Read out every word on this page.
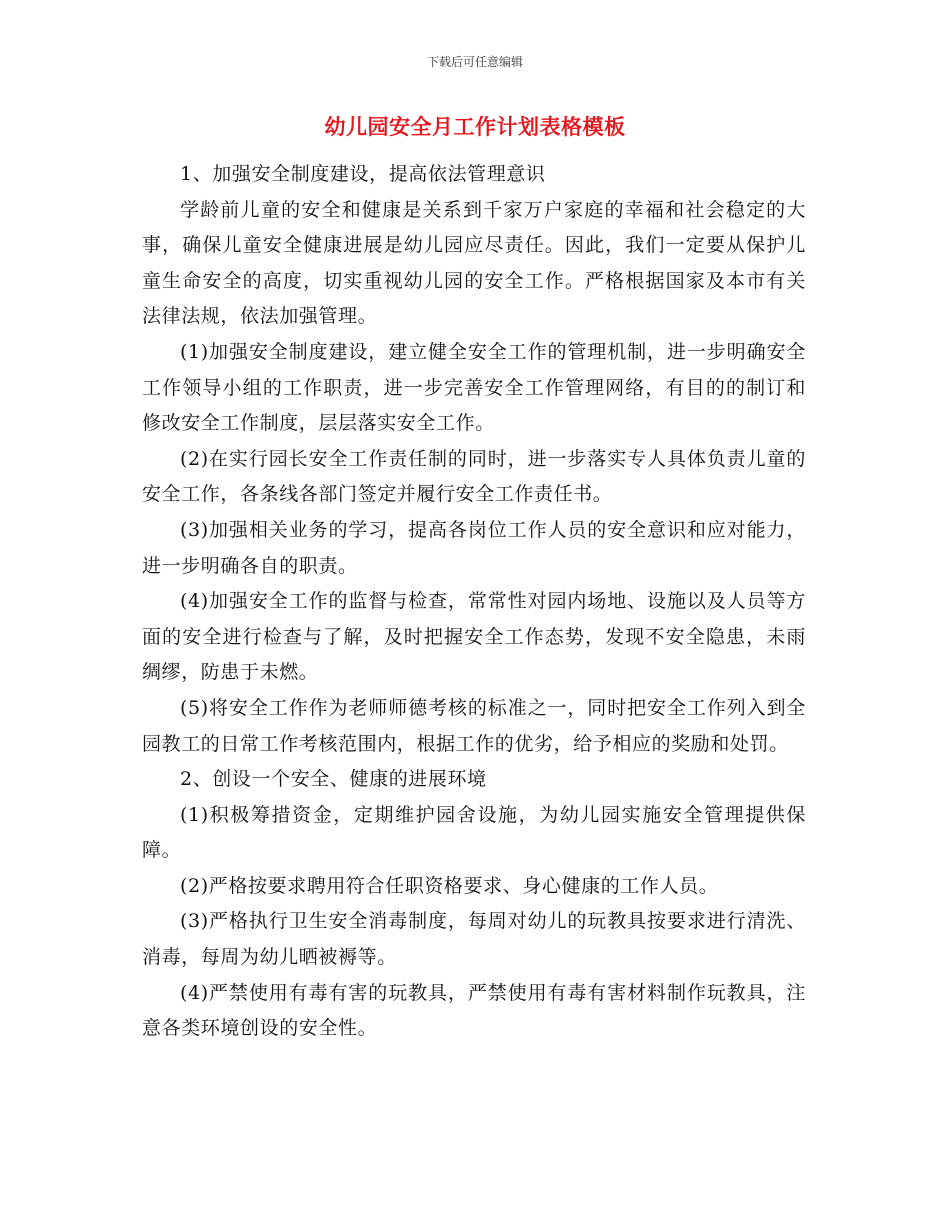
下载后可任意编辑
幼儿园安全月工作计划表格模板

1、加强安全制度建设，提高依法管理意识

学龄前儿童的安全和健康是关系到千家万户家庭的幸福和社会稳定的大事，确保儿童安全健康进展是幼儿园应尽责任。因此，我们一定要从保护儿童生命安全的高度，切实重视幼儿园的安全工作。严格根据国家及本市有关法律法规，依法加强管理。

(1)加强安全制度建设，建立健全安全工作的管理机制，进一步明确安全工作领导小组的工作职责，进一步完善安全工作管理网络，有目的的制订和修改安全工作制度，层层落实安全工作。

(2)在实行园长安全工作责任制的同时，进一步落实专人具体负责儿童的安全工作，各条线各部门签定并履行安全工作责任书。

(3)加强相关业务的学习，提高各岗位工作人员的安全意识和应对能力，进一步明确各自的职责。

(4)加强安全工作的监督与检查，常常性对园内场地、设施以及人员等方面的安全进行检查与了解，及时把握安全工作态势，发现不安全隐患，未雨绸缪，防患于未燃。

(5)将安全工作作为老师师德考核的标准之一，同时把安全工作列入到全园教工的日常工作考核范围内，根据工作的优劣，给予相应的奖励和处罚。

2、创设一个安全、健康的进展环境

(1)积极筹措资金，定期维护园舍设施，为幼儿园实施安全管理提供保障。

(2)严格按要求聘用符合任职资格要求、身心健康的工作人员。

(3)严格执行卫生安全消毒制度，每周对幼儿的玩教具按要求进行清洗、消毒，每周为幼儿晒被褥等。

(4)严禁使用有毒有害的玩教具，严禁使用有毒有害材料制作玩教具，注意各类环境创设的安全性。
